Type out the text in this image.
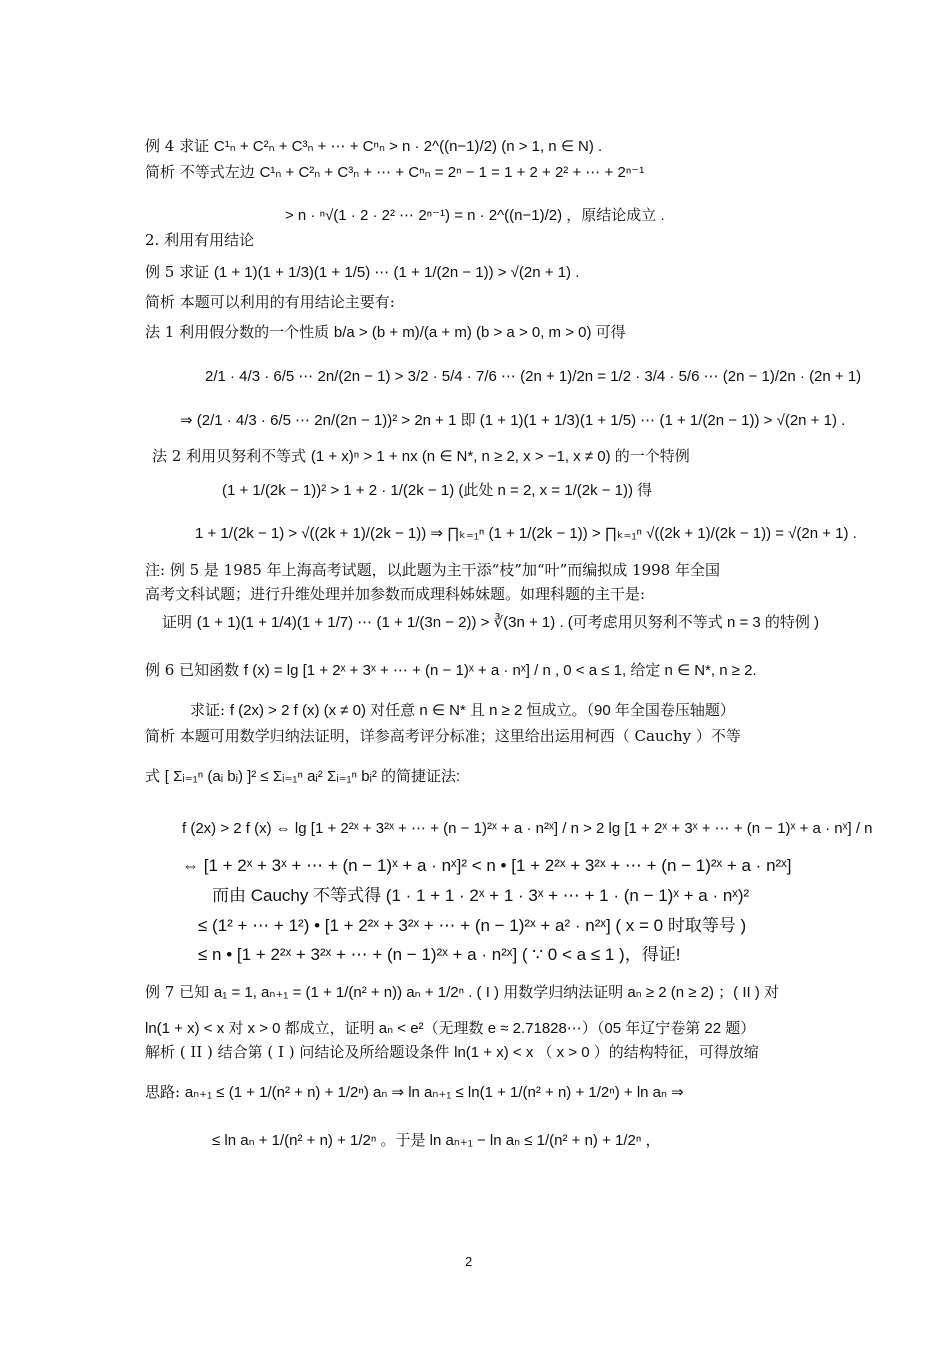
例 4 求证 C¹ₙ + C²ₙ + C³ₙ + ⋯ + Cⁿₙ > n · 2^((n−1)/2) (n > 1, n ∈ N) .
简析 不等式左边 C¹ₙ + C²ₙ + C³ₙ + ⋯ + Cⁿₙ = 2ⁿ − 1 = 1 + 2 + 2² + ⋯ + 2ⁿ⁻¹
> n · ⁿ√(1 · 2 · 2² ⋯ 2ⁿ⁻¹) = n · 2^((n−1)/2) ，原结论成立 .
2. 利用有用结论
例 5 求证 (1 + 1)(1 + 1/3)(1 + 1/5) ⋯ (1 + 1/(2n − 1)) > √(2n + 1) .
简析 本题可以利用的有用结论主要有:
法 1 利用假分数的一个性质 b/a > (b + m)/(a + m) (b > a > 0, m > 0) 可得
2/1 · 4/3 · 6/5 ⋯ 2n/(2n − 1) > 3/2 · 5/4 · 7/6 ⋯ (2n + 1)/2n = 1/2 · 3/4 · 5/6 ⋯ (2n − 1)/2n · (2n + 1)
⇒ (2/1 · 4/3 · 6/5 ⋯ 2n/(2n − 1))² > 2n + 1 即 (1 + 1)(1 + 1/3)(1 + 1/5) ⋯ (1 + 1/(2n − 1)) > √(2n + 1) .
法 2 利用贝努利不等式 (1 + x)ⁿ > 1 + nx (n ∈ N*, n ≥ 2, x > −1, x ≠ 0) 的一个特例
(1 + 1/(2k − 1))² > 1 + 2 · 1/(2k − 1) (此处 n = 2, x = 1/(2k − 1)) 得
1 + 1/(2k − 1) > √((2k + 1)/(2k − 1)) ⇒ ∏ₖ₌₁ⁿ (1 + 1/(2k − 1)) > ∏ₖ₌₁ⁿ √((2k + 1)/(2k − 1)) = √(2n + 1) .
注: 例 5 是 1985 年上海高考试题，以此题为主干添“枝”加“叶”而编拟成 1998 年全国
高考文科试题；进行升维处理并加参数而成理科姊妹题。如理科题的主干是:
证明 (1 + 1)(1 + 1/4)(1 + 1/7) ⋯ (1 + 1/(3n − 2)) > ∛(3n + 1) . (可考虑用贝努利不等式 n = 3 的特例 )
例 6 已知函数 f (x) = lg [1 + 2ˣ + 3ˣ + ⋯ + (n − 1)ˣ + a · nˣ] / n , 0 < a ≤ 1, 给定 n ∈ N*, n ≥ 2.
求证: f (2x) > 2 f (x) (x ≠ 0) 对任意 n ∈ N* 且 n ≥ 2 恒成立。（90 年全国卷压轴题）
简析 本题可用数学归纳法证明，详参高考评分标准；这里给出运用柯西（ Cauchy ）不等
式 [ Σᵢ₌₁ⁿ (aᵢ bᵢ) ]² ≤ Σᵢ₌₁ⁿ aᵢ² Σᵢ₌₁ⁿ bᵢ² 的简捷证法:
f (2x) > 2 f (x) ⇔ lg [1 + 2²ˣ + 3²ˣ + ⋯ + (n − 1)²ˣ + a · n²ˣ] / n > 2 lg [1 + 2ˣ + 3ˣ + ⋯ + (n − 1)ˣ + a · nˣ] / n
⇔ [1 + 2ˣ + 3ˣ + ⋯ + (n − 1)ˣ + a · nˣ]² < n • [1 + 2²ˣ + 3²ˣ + ⋯ + (n − 1)²ˣ + a · n²ˣ]
而由 Cauchy 不等式得 (1 · 1 + 1 · 2ˣ + 1 · 3ˣ + ⋯ + 1 · (n − 1)ˣ + a · nˣ)²
≤ (1² + ⋯ + 1²) • [1 + 2²ˣ + 3²ˣ + ⋯ + (n − 1)²ˣ + a² · n²ˣ] ( x = 0 时取等号 )
≤ n • [1 + 2²ˣ + 3²ˣ + ⋯ + (n − 1)²ˣ + a · n²ˣ] ( ∵ 0 < a ≤ 1 )，得证!
例 7 已知 a₁ = 1, aₙ₊₁ = (1 + 1/(n² + n)) aₙ + 1/2ⁿ . ( I ) 用数学归纳法证明 aₙ ≥ 2 (n ≥ 2) ；( II ) 对
ln(1 + x) < x 对 x > 0 都成立，证明 aₙ < e²（无理数 e ≈ 2.71828⋯）（05 年辽宁卷第 22 题）
解析 ( II ) 结合第 ( I ) 问结论及所给题设条件 ln(1 + x) < x （ x > 0 ）的结构特征，可得放缩
思路: aₙ₊₁ ≤ (1 + 1/(n² + n) + 1/2ⁿ) aₙ ⇒ ln aₙ₊₁ ≤ ln(1 + 1/(n² + n) + 1/2ⁿ) + ln aₙ ⇒
≤ ln aₙ + 1/(n² + n) + 1/2ⁿ 。于是 ln aₙ₊₁ − ln aₙ ≤ 1/(n² + n) + 1/2ⁿ ，
2
